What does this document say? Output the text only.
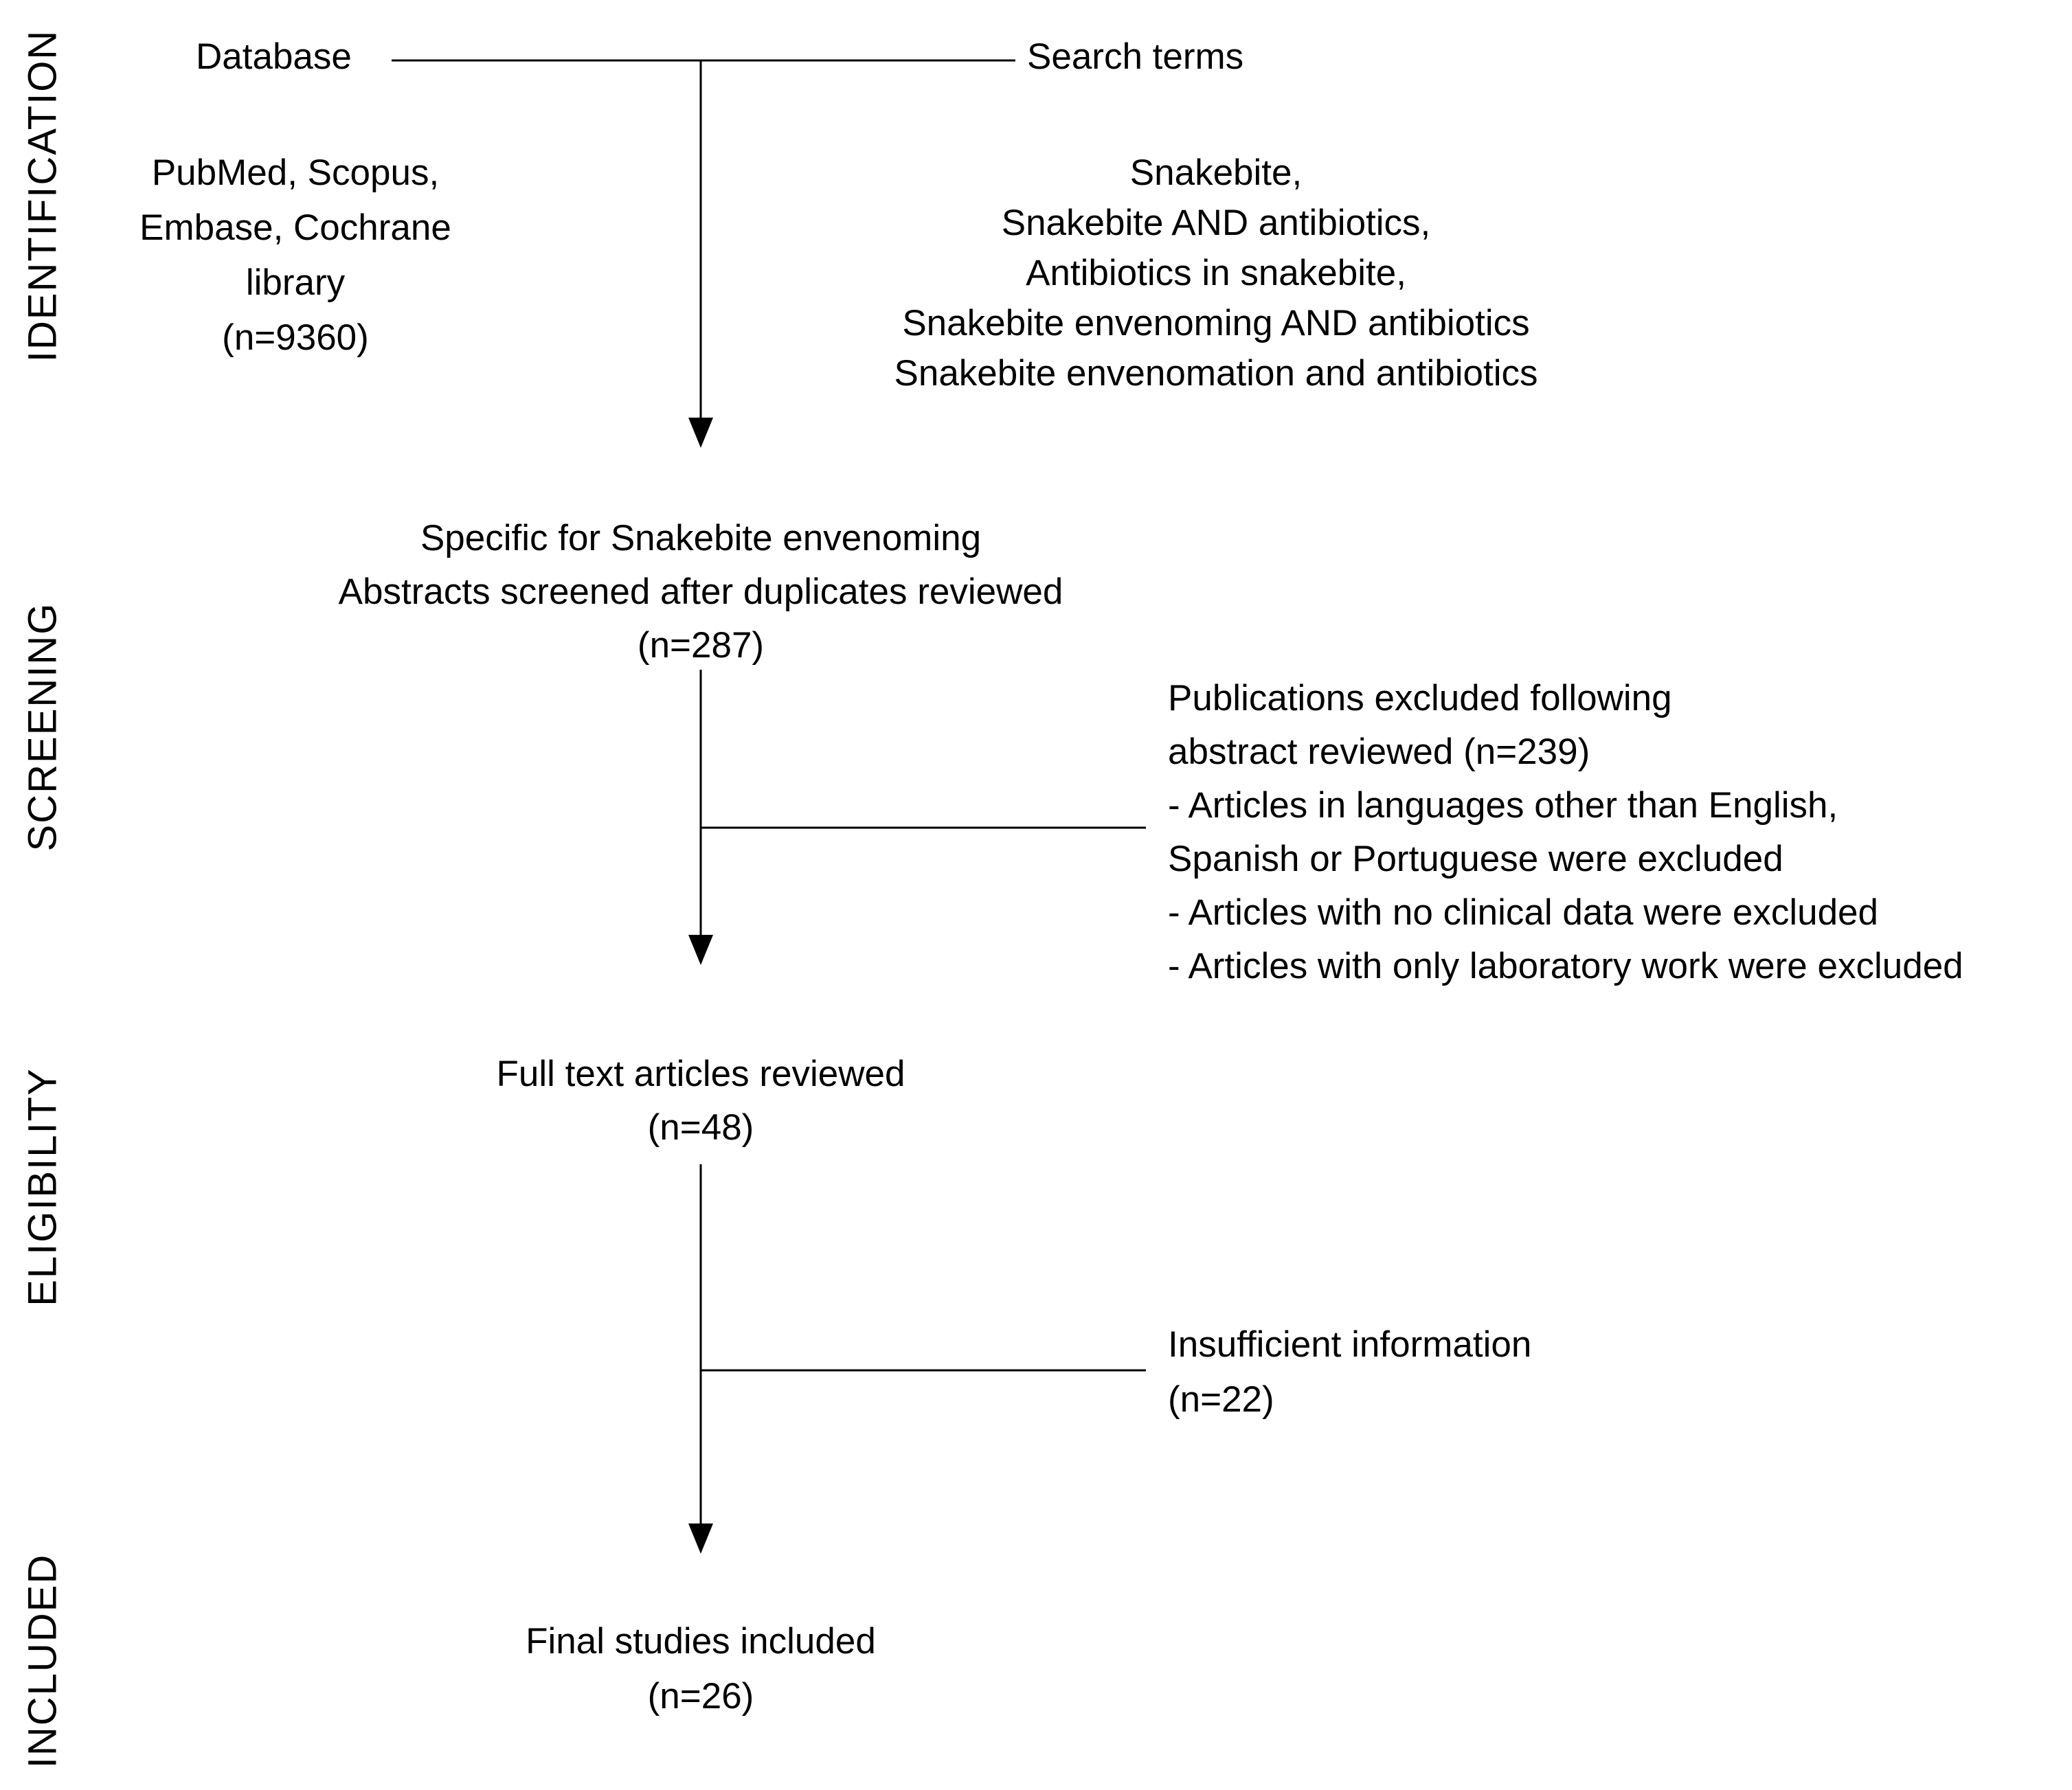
IDENTIFICATION
SCREENING
ELIGIBILITY
INCLUDED
Database	Search terms
PubMed, Scopus,
Embase, Cochrane
library
(n=9360)
Snakebite,
Snakebite AND antibiotics,
Antibiotics in snakebite,
Snakebite envenoming AND antibiotics
Snakebite envenomation and antibiotics
Specific for Snakebite envenoming
Abstracts screened after duplicates reviewed
(n=287)
Publications excluded following
abstract reviewed (n=239)
- Articles in languages other than English,
Spanish or Portuguese were excluded
- Articles with no clinical data were excluded
- Articles with only laboratory work were excluded
Full text articles reviewed
(n=48)
Insufficient information
(n=22)
Final studies included
(n=26)
